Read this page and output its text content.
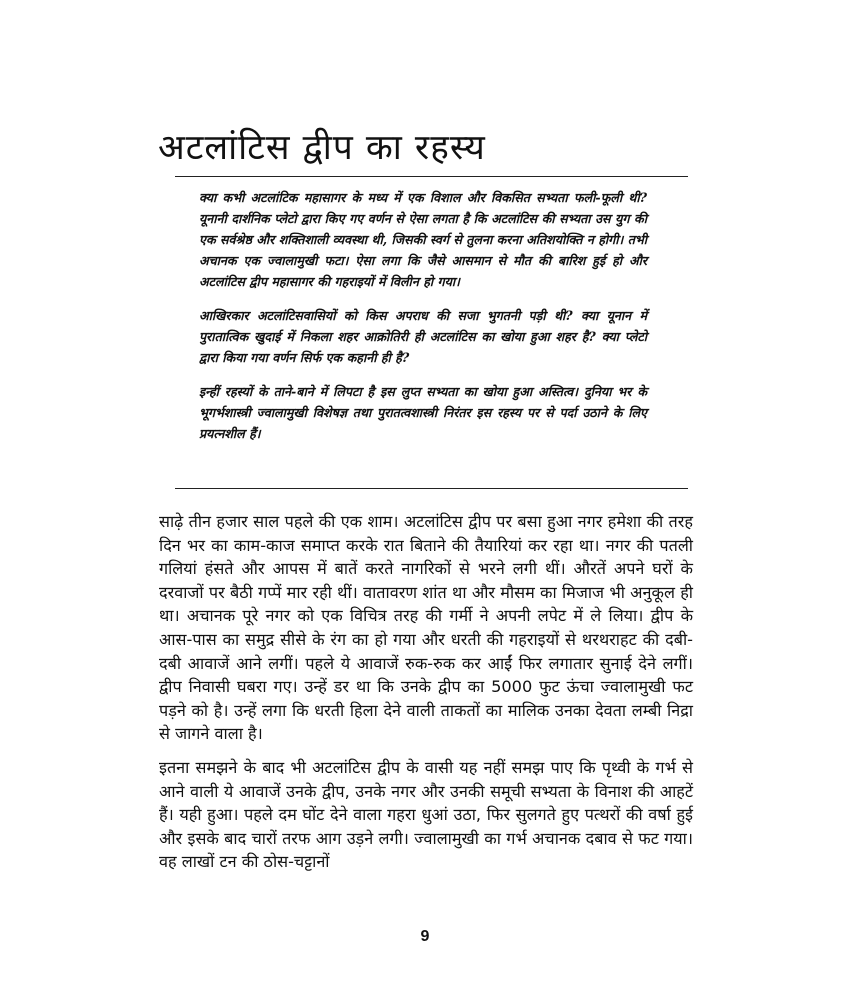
अटलांटिस द्वीप का रहस्य

क्या कभी अटलांटिक महासागर के मध्य में एक विशाल और विकसित सभ्यता फली-फूली थी? यूनानी दार्शनिक प्लेटो द्वारा किए गए वर्णन से ऐसा लगता है कि अटलांटिस की सभ्यता उस युग की एक सर्वश्रेष्ठ और शक्तिशाली व्यवस्था थी, जिसकी स्वर्ग से तुलना करना अतिशयोक्ति न होगी। तभी अचानक एक ज्वालामुखी फटा। ऐसा लगा कि जैसे आसमान से मौत की बारिश हुई हो और अटलांटिस द्वीप महासागर की गहराइयों में विलीन हो गया।

आखिरकार अटलांटिसवासियों को किस अपराध की सजा भुगतनी पड़ी थी? क्या यूनान में पुरातात्विक खुदाई में निकला शहर आक्रोतिरी ही अटलांटिस का खोया हुआ शहर है? क्या प्लेटो द्वारा किया गया वर्णन सिर्फ एक कहानी ही है?

इन्हीं रहस्यों के ताने-बाने में लिपटा है इस लुप्त सभ्यता का खोया हुआ अस्तित्व। दुनिया भर के भूगर्भशास्त्री ज्वालामुखी विशेषज्ञ तथा पुरातत्वशास्त्री निरंतर इस रहस्य पर से पर्दा उठाने के लिए प्रयत्नशील हैं।

साढ़े तीन हजार साल पहले की एक शाम। अटलांटिस द्वीप पर बसा हुआ नगर हमेशा की तरह दिन भर का काम-काज समाप्त करके रात बिताने की तैयारियां कर रहा था। नगर की पतली गलियां हंसते और आपस में बातें करते नागरिकों से भरने लगी थीं। औरतें अपने घरों के दरवाजों पर बैठी गप्पें मार रही थीं। वातावरण शांत था और मौसम का मिजाज भी अनुकूल ही था। अचानक पूरे नगर को एक विचित्र तरह की गर्मी ने अपनी लपेट में ले लिया। द्वीप के आस-पास का समुद्र सीसे के रंग का हो गया और धरती की गहराइयों से थरथराहट की दबी-दबी आवाजें आने लगीं। पहले ये आवाजें रुक-रुक कर आईं फिर लगातार सुनाई देने लगीं। द्वीप निवासी घबरा गए। उन्हें डर था कि उनके द्वीप का 5000 फुट ऊंचा ज्वालामुखी फट पड़ने को है। उन्हें लगा कि धरती हिला देने वाली ताकतों का मालिक उनका देवता लम्बी निद्रा से जागने वाला है।

इतना समझने के बाद भी अटलांटिस द्वीप के वासी यह नहीं समझ पाए कि पृथ्वी के गर्भ से आने वाली ये आवाजें उनके द्वीप, उनके नगर और उनकी समूची सभ्यता के विनाश की आहटें हैं। यही हुआ। पहले दम घोंट देने वाला गहरा धुआं उठा, फिर सुलगते हुए पत्थरों की वर्षा हुई और इसके बाद चारों तरफ आग उड़ने लगी। ज्वालामुखी का गर्भ अचानक दबाव से फट गया। वह लाखों टन की ठोस-चट्टानों

9
